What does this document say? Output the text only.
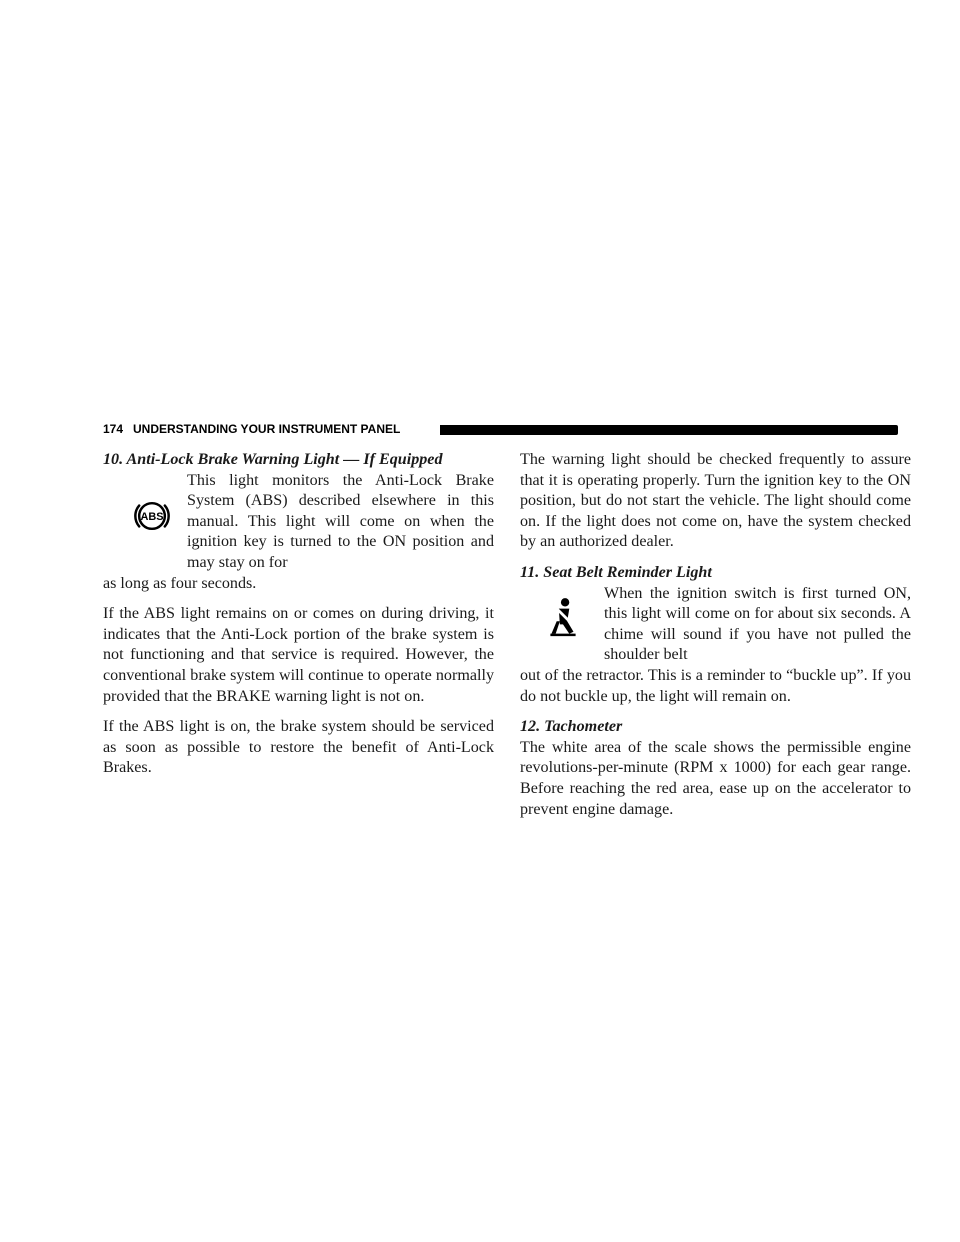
174 UNDERSTANDING YOUR INSTRUMENT PANEL

10. Anti-Lock Brake Warning Light — If Equipped

ABS
This light monitors the Anti-Lock Brake System (ABS) described elsewhere in this manual. This light will come on when the ignition key is turned to the ON position and may stay on for

as long as four seconds.

If the ABS light remains on or comes on during driving, it indicates that the Anti-Lock portion of the brake system is not functioning and that service is required. However, the conventional brake system will continue to operate normally provided that the BRAKE warning light is not on.

If the ABS light is on, the brake system should be serviced as soon as possible to restore the benefit of Anti-Lock Brakes.

The warning light should be checked frequently to assure that it is operating properly. Turn the ignition key to the ON position, but do not start the vehicle. The light should come on. If the light does not come on, have the system checked by an authorized dealer.

11. Seat Belt Reminder Light

When the ignition switch is first turned ON, this light will come on for about six seconds. A chime will sound if you have not pulled the shoulder belt

out of the retractor. This is a reminder to “buckle up”. If you do not buckle up, the light will remain on.

12. Tachometer

The white area of the scale shows the permissible engine revolutions-per-minute (RPM x 1000) for each gear range. Before reaching the red area, ease up on the accelerator to prevent engine damage.
